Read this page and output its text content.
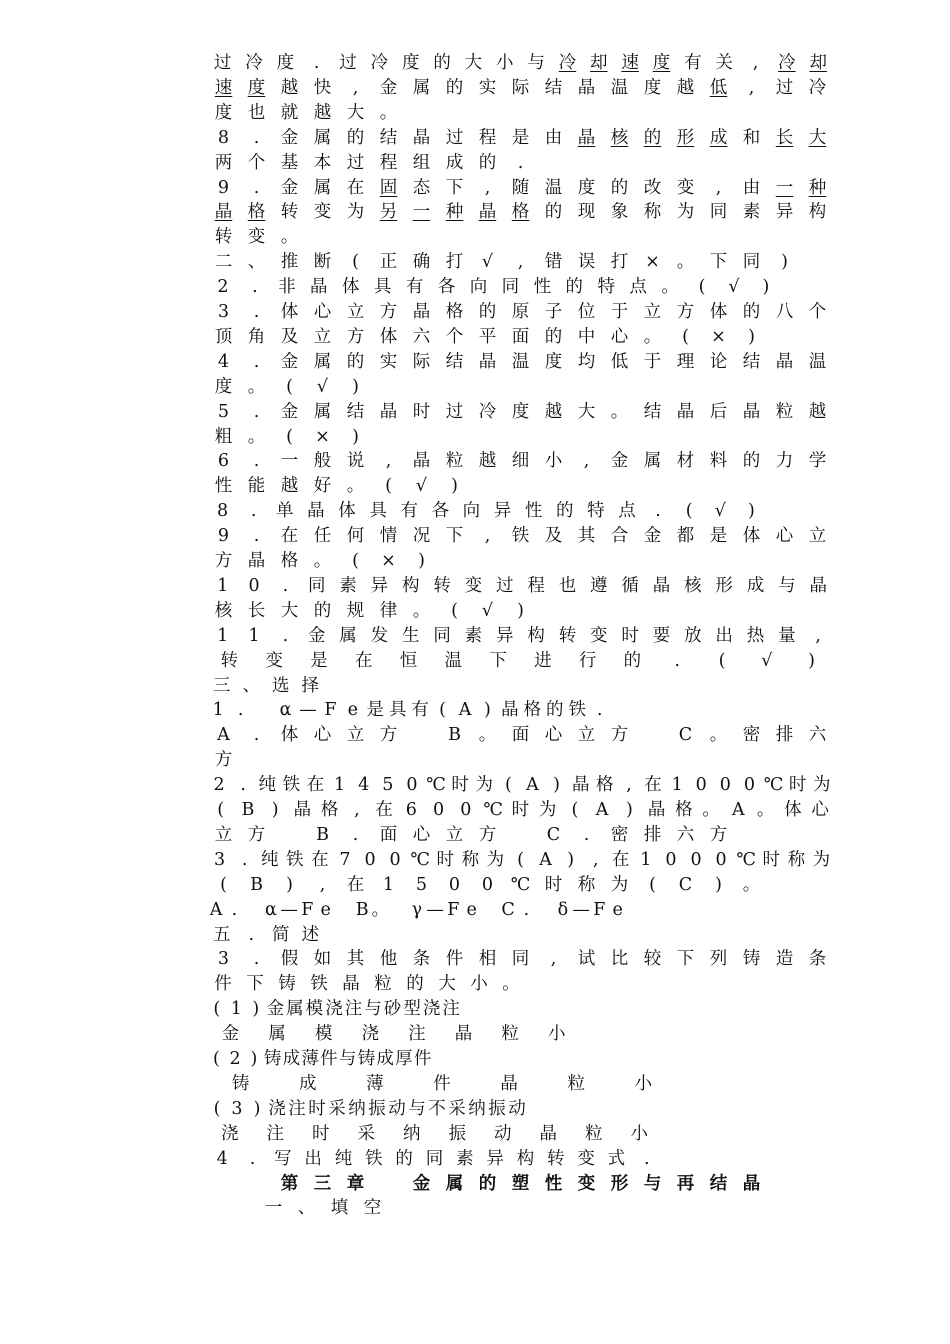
过 冷 度 . 过 冷 度 的 大 小 与 冷 却 速 度 有 关 , 冷 却
速 度 越 快 , 金 属 的 实 际 结 晶 温 度 越 低 , 过 冷
度 也 就 越 大 。
8 . 金 属 的 结 晶 过 程 是 由 晶 核 的 形 成 和 长 大
两 个 基 本 过 程 组 成 的 .
9 . 金 属 在 固 态 下 , 随 温 度 的 改 变 , 由 一 种
晶 格 转 变 为 另 一 种 晶 格 的 现 象 称 为 同 素 异 构
转 变 。
二 、 推 断 ( 正 确 打 √ , 错 误 打 × 。 下 同 )
2 . 非 晶 体 具 有 各 向 同 性 的 特 点 。 ( √ )
3 . 体 心 立 方 晶 格 的 原 子 位 于 立 方 体 的 八 个
顶 角 及 立 方 体 六 个 平 面 的 中 心 。 ( × )
4 . 金 属 的 实 际 结 晶 温 度 均 低 于 理 论 结 晶 温
度 。 ( √ )
5 . 金 属 结 晶 时 过 冷 度 越 大 。 结 晶 后 晶 粒 越
粗 。 ( × )
6 . 一 般 说 , 晶 粒 越 细 小 , 金 属 材 料 的 力 学
性 能 越 好 。 ( √ )
8 . 单 晶 体 具 有 各 向 异 性 的 特 点 . ( √ )
9 . 在 任 何 情 况 下 , 铁 及 其 合 金 都 是 体 心 立
方 晶 格 。 ( × )
1 0 . 同 素 异 构 转 变 过 程 也 遵 循 晶 核 形 成 与 晶
核 长 大 的 规 律 。 ( √ )
1 1 . 金 属 发 生 同 素 异 构 转 变 时 要 放 出 热 量 ,
转 变 是 在 恒 温 下 进 行 的 . ( √ )
三 、 选 择
1 . α — F e 是 具 有 ( A ) 晶 格 的 铁 .
A . 体 心 立 方	B 。 面 心 立 方	C 。 密 排 六
方
2 . 纯 铁 在 1 4 5 0 ℃ 时 为 ( A ) 晶 格 , 在 1 0 0 0 ℃ 时 为
( B ) 晶 格 , 在 6 0 0 ℃ 时 为 ( A ) 晶 格 。 A 。 体 心
立 方	B . 面 心 立 方	C . 密 排 六 方
3 . 纯 铁 在 7 0 0 ℃ 时 称 为 ( A ) , 在 1 0 0 0 ℃ 时 称 为
( B ) , 在 1 5 0 0 ℃ 时 称 为 ( C ) 。
A . α — F e B 。 γ — F e C . δ — F e
五 . 简 述
3 . 假 如 其 他 条 件 相 同 , 试 比 较 下 列 铸 造 条
件 下 铸 铁 晶 粒 的 大 小 。
( 1 ) 金 属 模 浇 注 与 砂 型 浇 注
金 属 模 浇 注 晶 粒 小
( 2 ) 铸成薄件与铸成厚件
铸	成	薄	件	晶	粒	小
( 3 ) 浇 注 时 采 纳 振 动 与 不 采 纳 振 动
浇 注 时 采 纳 振 动 晶 粒 小
4 . 写 出 纯 铁 的 同 素 异 构 转 变 式 .
第 三 章	金 属 的 塑 性 变 形 与 再 结 晶
一 、 填 空
